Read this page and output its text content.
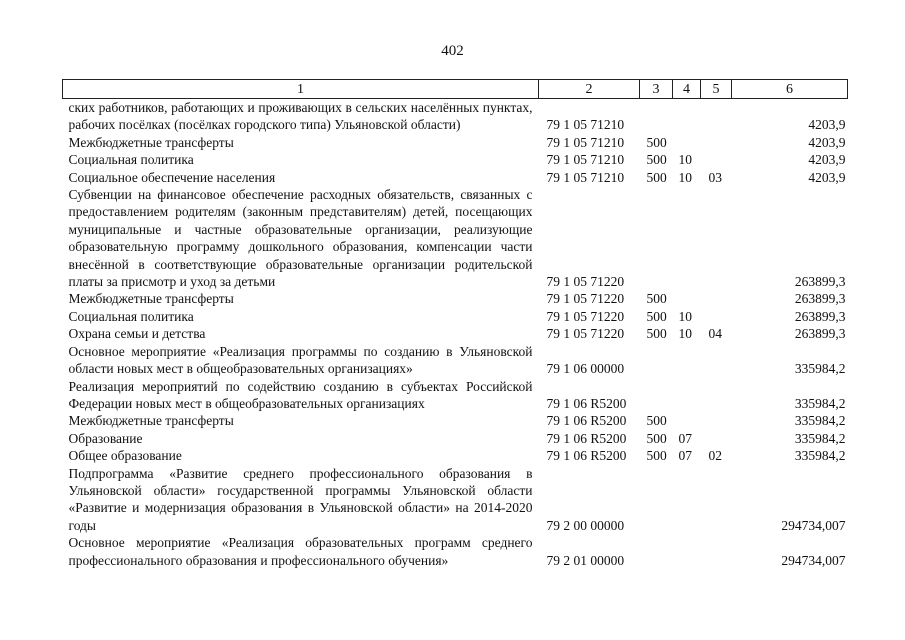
402
1	2	3	4	5	6
ских работников, работающих и проживающих в сельских населённых пунктах, рабочих посёлках (посёлках городского типа) Ульяновской области)	79 1 05 71210				4203,9
Межбюджетные трансферты	79 1 05 71210	500			4203,9
Социальная политика	79 1 05 71210	500	10		4203,9
Социальное обеспечение населения	79 1 05 71210	500	10	03	4203,9
Субвенции на финансовое обеспечение расходных обязательств, связанных с предоставлением родителям (законным представителям) детей, посещающих муниципальные и частные образовательные организации, реализующие образовательную программу дошкольного образования, компенсации части внесённой в соответствующие образовательные организации родительской платы за присмотр и уход за детьми	79 1 05 71220				263899,3
Межбюджетные трансферты	79 1 05 71220	500			263899,3
Социальная политика	79 1 05 71220	500	10		263899,3
Охрана семьи и детства	79 1 05 71220	500	10	04	263899,3
Основное мероприятие «Реализация программы по созданию в Ульяновской области новых мест в общеобразовательных организациях»	79 1 06 00000				335984,2
Реализация мероприятий по содействию созданию в субъектах Российской Федерации новых мест в общеобразовательных организациях	79 1 06 R5200				335984,2
Межбюджетные трансферты	79 1 06 R5200	500			335984,2
Образование	79 1 06 R5200	500	07		335984,2
Общее образование	79 1 06 R5200	500	07	02	335984,2
Подпрограмма «Развитие среднего профессионального образования в Ульяновской области» государственной программы Ульяновской области «Развитие и модернизация образования в Ульяновской области» на 2014-2020 годы	79 2 00 00000				294734,007
Основное мероприятие «Реализация образовательных программ среднего профессионального образования и профессионального обучения»	79 2 01 00000				294734,007
